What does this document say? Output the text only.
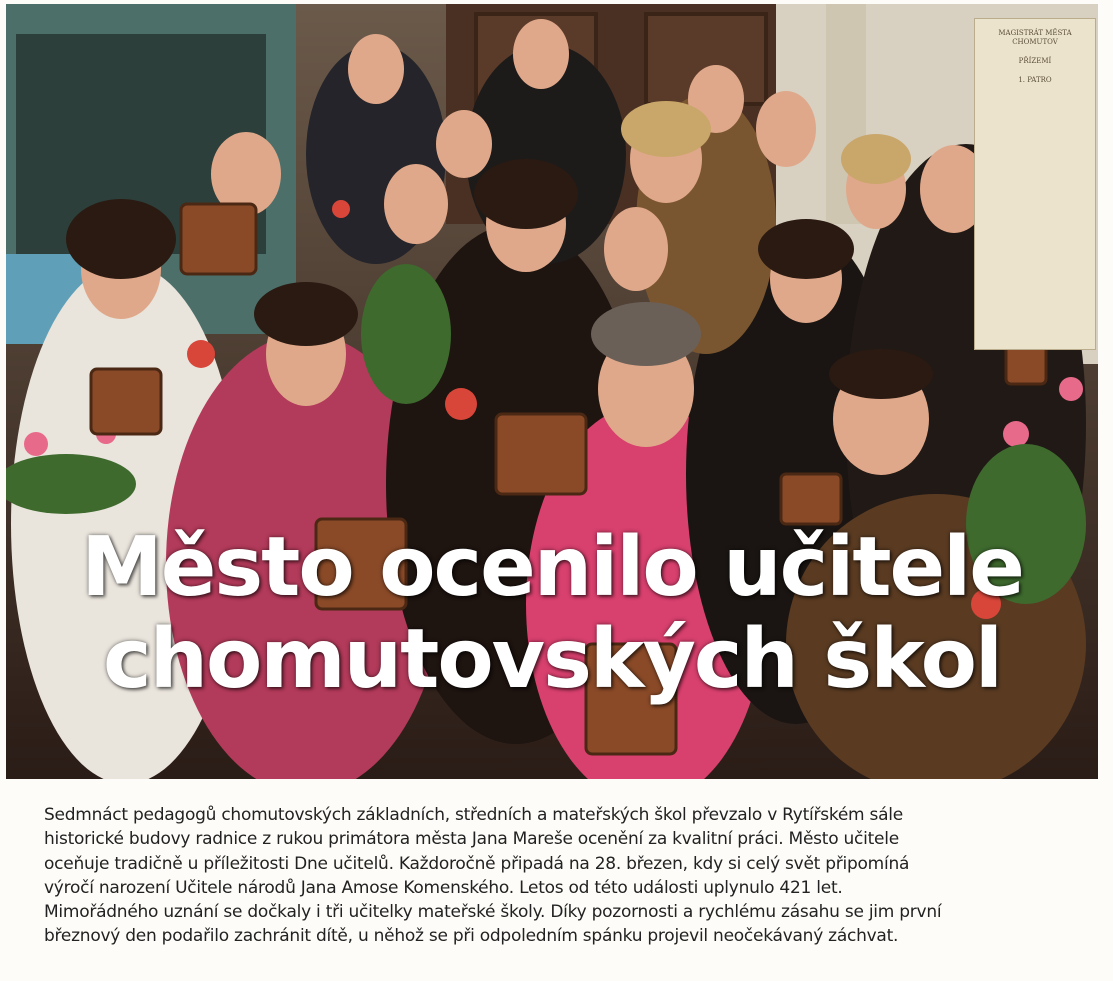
MAGISTRÁT MĚSTA CHOMUTOV
PŘÍZEMÍ
1. PATRO
Město ocenilo učitele
chomutovských škol
Sedmnáct pedagogů chomutovských základních, středních a mateřských škol převzalo v Rytířském sále
historické budovy radnice z rukou primátora města Jana Mareše ocenění za kvalitní práci. Město učitele
oceňuje tradičně u příležitosti Dne učitelů. Každoročně připadá na 28. březen, kdy si celý svět připomíná
výročí narození Učitele národů Jana Amose Komenského. Letos od této události uplynulo 421 let.
Mimořádného uznání se dočkaly i tři učitelky mateřské školy. Díky pozornosti a rychlému zásahu se jim první
březnový den podařilo zachránit dítě, u něhož se při odpoledním spánku projevil neočekávaný záchvat.
